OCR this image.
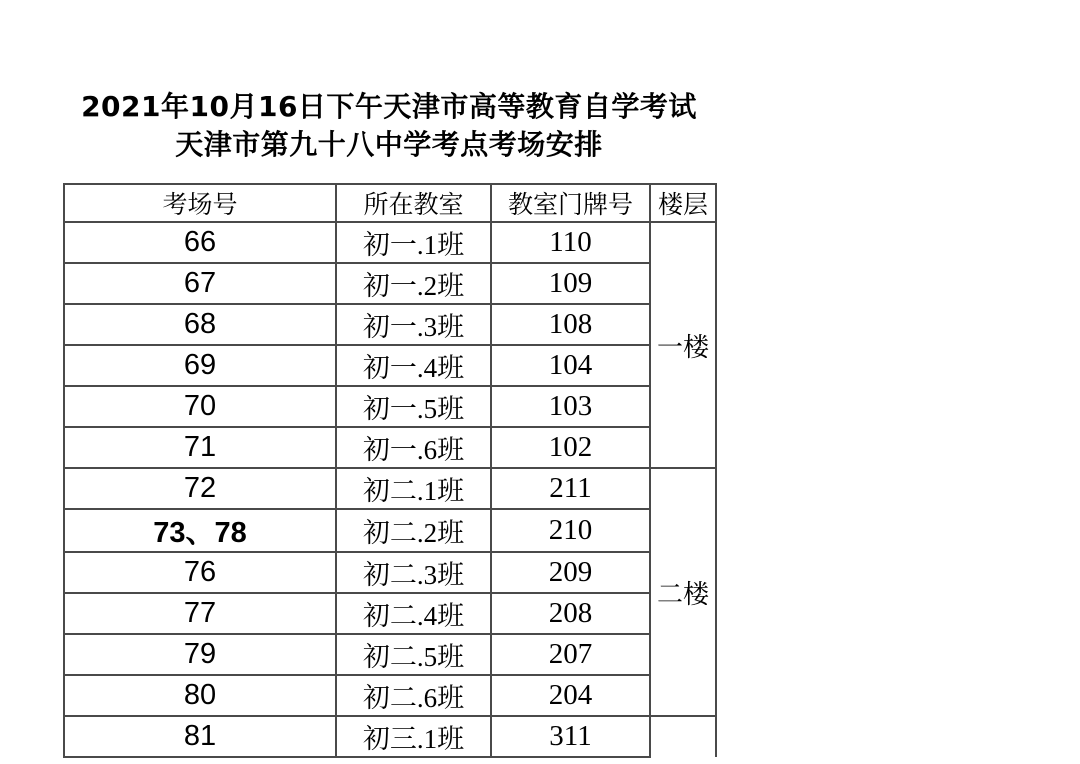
2021年10月16日下午天津市高等教育自学考试
天津市第九十八中学考点考场安排
考场号	所在教室	教室门牌号	楼层
66	初一.1班	110	一楼
67	初一.2班	109	
68	初一.3班	108	
69	初一.4班	104	
70	初一.5班	103	
71	初一.6班	102	
72	初二.1班	211	二楼
73、78	初二.2班	210	
76	初二.3班	209	
77	初二.4班	208	
79	初二.5班	207	
80	初二.6班	204	
81	初三.1班	311	
